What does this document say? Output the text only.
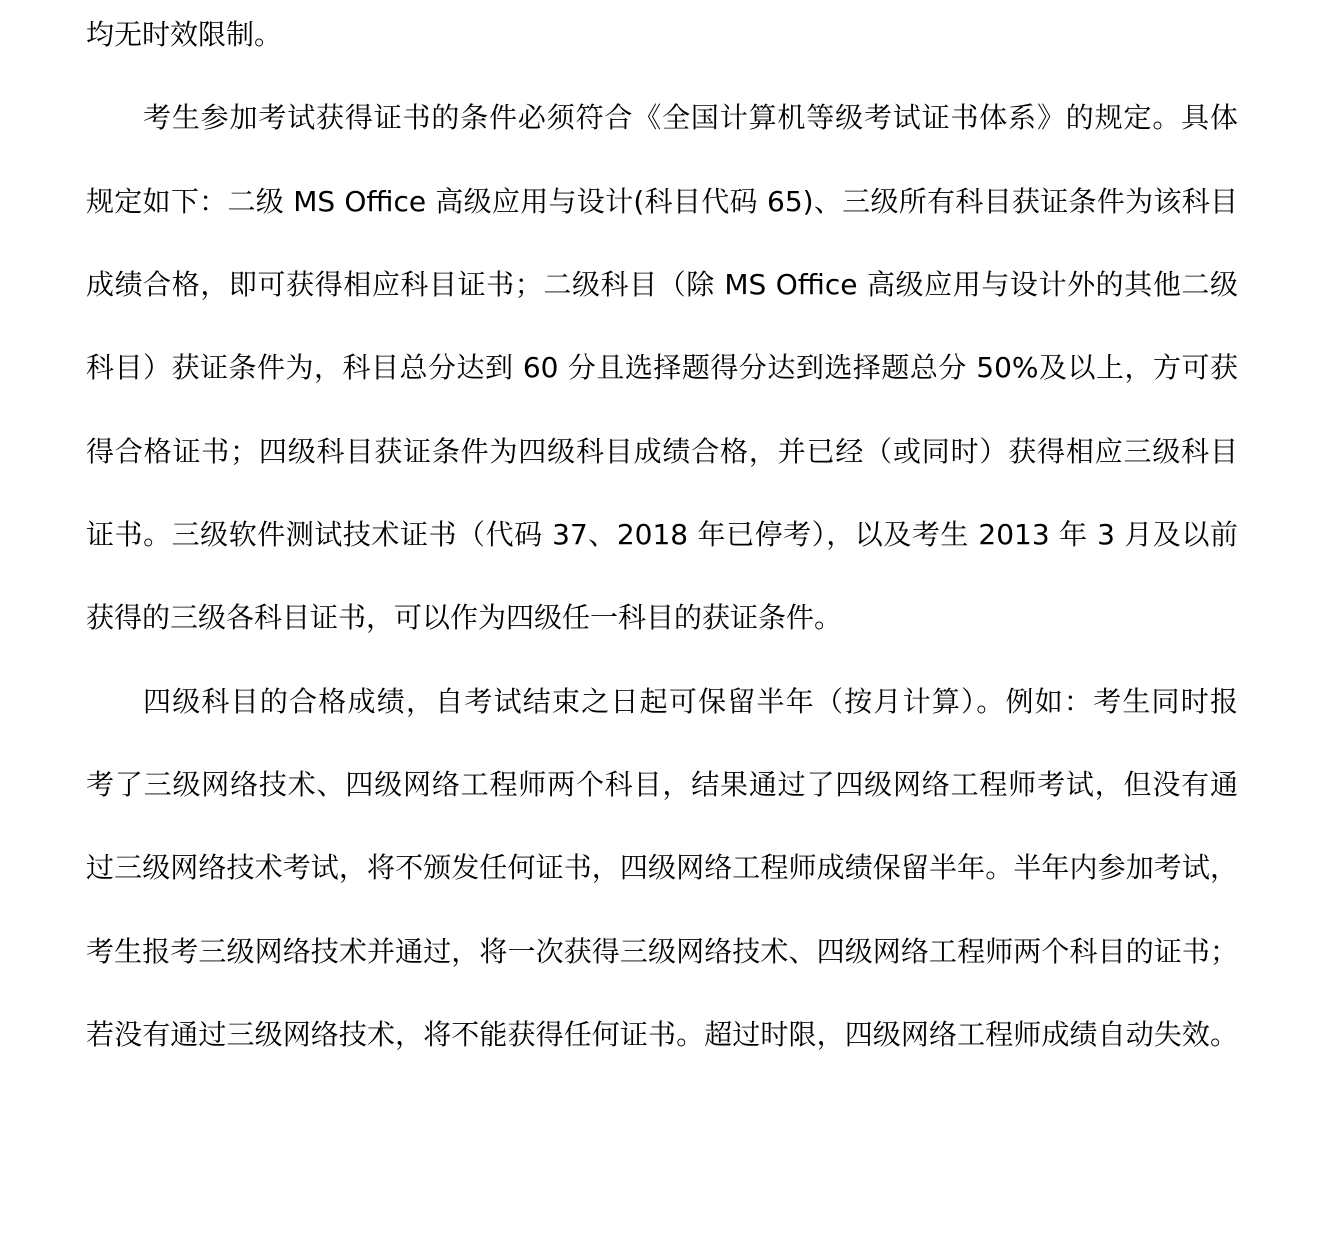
均无时效限制。
考生参加考试获得证书的条件必须符合《全国计算机等级考试证书体系》的规定。具体
规定如下：二级 MS Office 高级应用与设计(科目代码 65)、三级所有科目获证条件为该科目
成绩合格，即可获得相应科目证书；二级科目（除 MS Office 高级应用与设计外的其他二级
科目）获证条件为，科目总分达到 60 分且选择题得分达到选择题总分 50%及以上，方可获
得合格证书；四级科目获证条件为四级科目成绩合格，并已经（或同时）获得相应三级科目
证书。三级软件测试技术证书（代码 37、2018 年已停考），以及考生 2013 年 3 月及以前
获得的三级各科目证书，可以作为四级任一科目的获证条件。
四级科目的合格成绩，自考试结束之日起可保留半年（按月计算）。例如：考生同时报
考了三级网络技术、四级网络工程师两个科目，结果通过了四级网络工程师考试，但没有通
过三级网络技术考试，将不颁发任何证书，四级网络工程师成绩保留半年。半年内参加考试，
考生报考三级网络技术并通过，将一次获得三级网络技术、四级网络工程师两个科目的证书；
若没有通过三级网络技术，将不能获得任何证书。超过时限，四级网络工程师成绩自动失效。
